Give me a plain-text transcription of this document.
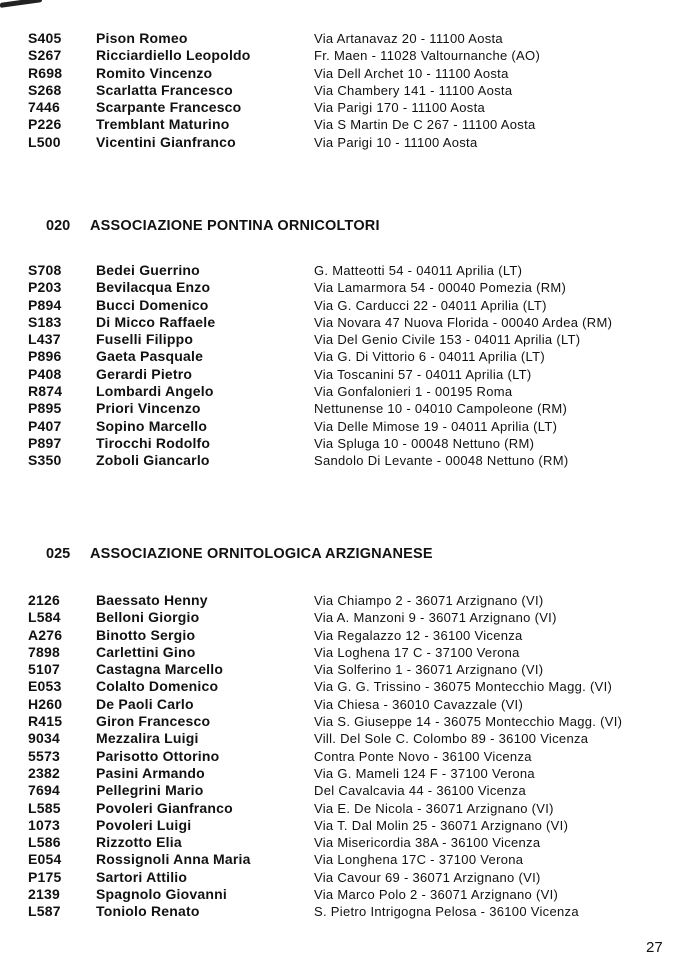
S405	Pison Romeo	Via Artanavaz 20 - 11100 Aosta
S267	Ricciardiello Leopoldo	Fr. Maen - 11028 Valtournanche (AO)
R698	Romito Vincenzo	Via Dell Archet 10 - 11100 Aosta
S268	Scarlatta Francesco	Via Chambery 141 - 11100 Aosta
7446	Scarpante Francesco	Via Parigi 170 - 11100 Aosta
P226	Tremblant Maturino	Via S Martin De C 267 - 11100 Aosta
L500	Vicentini Gianfranco	Via Parigi 10 - 11100 Aosta
020 ASSOCIAZIONE PONTINA ORNICOLTORI
S708	Bedei Guerrino	G. Matteotti 54 - 04011 Aprilia (LT)
P203	Bevilacqua Enzo	Via Lamarmora 54 - 00040 Pomezia (RM)
P894	Bucci Domenico	Via G. Carducci 22 - 04011 Aprilia (LT)
S183	Di Micco Raffaele	Via Novara 47 Nuova Florida - 00040 Ardea (RM)
L437	Fuselli Filippo	Via Del Genio Civile 153 - 04011 Aprilia (LT)
P896	Gaeta Pasquale	Via G. Di Vittorio 6 - 04011 Aprilia (LT)
P408	Gerardi Pietro	Via Toscanini 57 - 04011 Aprilia (LT)
R874	Lombardi Angelo	Via Gonfalonieri 1 - 00195 Roma
P895	Priori Vincenzo	Nettunense 10 - 04010 Campoleone (RM)
P407	Sopino Marcello	Via Delle Mimose 19 - 04011 Aprilia (LT)
P897	Tirocchi Rodolfo	Via Spluga 10 - 00048 Nettuno (RM)
S350	Zoboli Giancarlo	Sandolo Di Levante - 00048 Nettuno (RM)
025 ASSOCIAZIONE ORNITOLOGICA ARZIGNANESE
2126	Baessato Henny	Via Chiampo 2 - 36071 Arzignano (VI)
L584	Belloni Giorgio	Via A. Manzoni 9 - 36071 Arzignano (VI)
A276	Binotto Sergio	Via Regalazzo 12 - 36100 Vicenza
7898	Carlettini Gino	Via Loghena 17 C - 37100 Verona
5107	Castagna Marcello	Via Solferino 1 - 36071 Arzignano (VI)
E053	Colalto Domenico	Via G. G. Trissino - 36075 Montecchio Magg. (VI)
H260	De Paoli Carlo	Via Chiesa - 36010 Cavazzale (VI)
R415	Giron Francesco	Via S. Giuseppe 14 - 36075 Montecchio Magg. (VI)
9034	Mezzalira Luigi	Vill. Del Sole C. Colombo 89 - 36100 Vicenza
5573	Parisotto Ottorino	Contra Ponte Novo - 36100 Vicenza
2382	Pasini Armando	Via G. Mameli 124 F - 37100 Verona
7694	Pellegrini Mario	Del Cavalcavia 44 - 36100 Vicenza
L585	Povoleri Gianfranco	Via E. De Nicola - 36071 Arzignano (VI)
1073	Povoleri Luigi	Via T. Dal Molin 25 - 36071 Arzignano (VI)
L586	Rizzotto Elia	Via Misericordia 38A - 36100 Vicenza
E054	Rossignoli Anna Maria	Via Longhena 17C - 37100 Verona
P175	Sartori Attilio	Via Cavour 69 - 36071 Arzignano (VI)
2139	Spagnolo Giovanni	Via Marco Polo 2 - 36071 Arzignano (VI)
L587	Toniolo Renato	S. Pietro Intrigogna Pelosa - 36100 Vicenza
27
